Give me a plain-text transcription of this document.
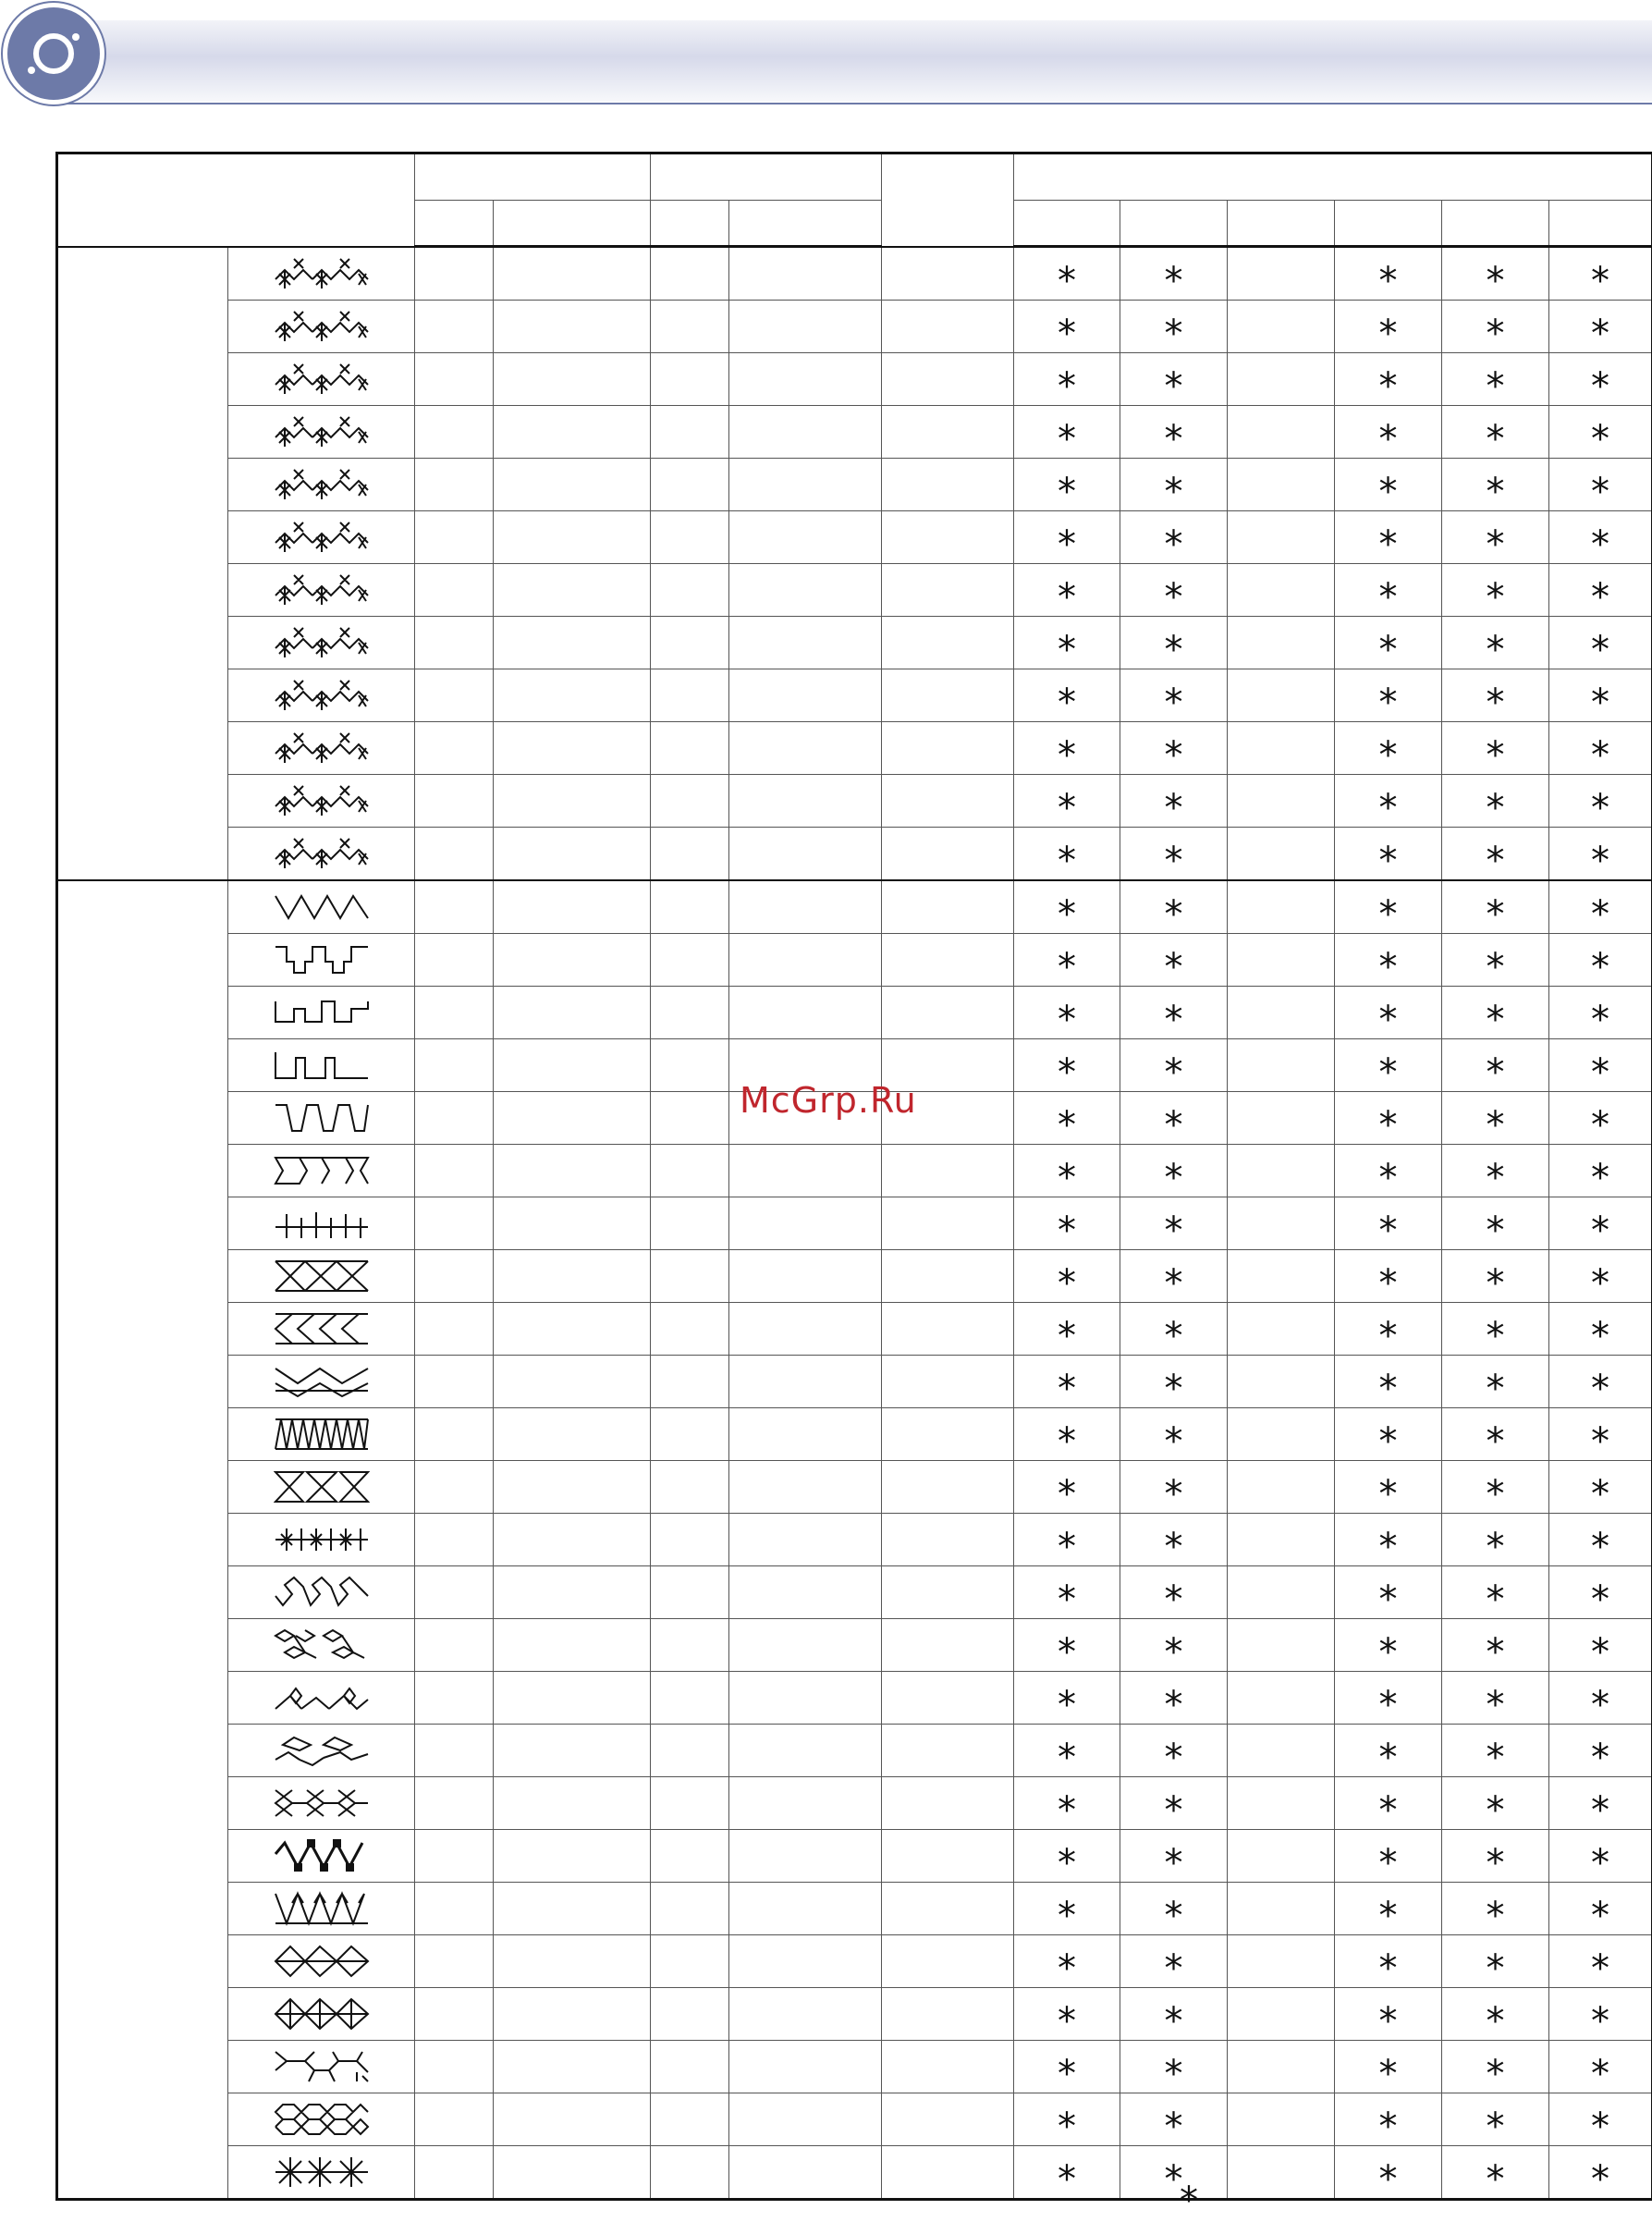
						*	*		*	*	*

						*	*		*	*	*

						*	*		*	*	*

						*	*		*	*	*

						*	*		*	*	*

						*	*		*	*	*

						*	*		*	*	*

						*	*		*	*	*

						*	*		*	*	*

						*	*		*	*	*

						*	*		*	*	*

						*	*		*	*	*

						*	*		*	*	*

						*	*		*	*	*

						*	*		*	*	*

						*	*		*	*	*

						*	*		*	*	*

						*	*		*	*	*

						*	*		*	*	*

						*	*		*	*	*

						*	*		*	*	*

						*	*		*	*	*

						*	*		*	*	*

						*	*		*	*	*

						*	*		*	*	*

						*	*		*	*	*

						*	*		*	*	*

						*	*		*	*	*

						*	*		*	*	*

						*	*		*	*	*

						*	*		*	*	*

						*	*		*	*	*

						*	*		*	*	*

						*	*		*	*	*

						*	*		*	*	*

						*	*		*	*	*

						*	*		*	*	*
McGrp.Ru
*
